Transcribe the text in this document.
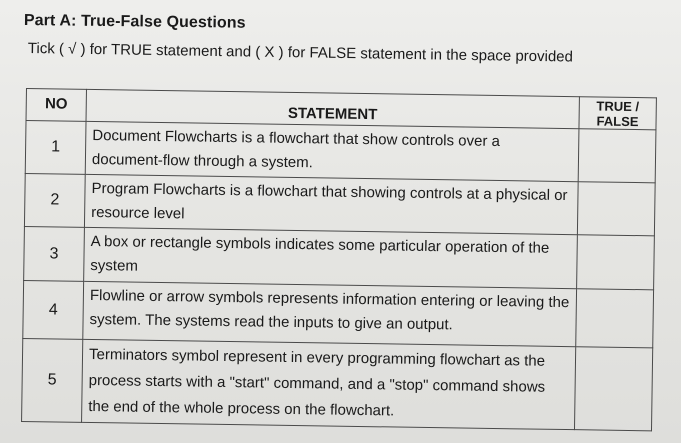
Part A: True-False Questions
Tick ( √ ) for TRUE statement and ( X ) for FALSE statement in the space provided
NO	STATEMENT	TRUE /
FALSE

1	Document Flowcharts is a flowchart that show controls over a document-flow through a system.	
2	Program Flowcharts is a flowchart that showing controls at a physical or resource level	
3	A box or rectangle symbols indicates some particular operation of the system	
4	Flowline or arrow symbols represents information entering or leaving the system. The systems read the inputs to give an output.	
5	Terminators symbol represent in every programming flowchart as the process starts with a "start" command, and a "stop" command shows the end of the whole process on the flowchart.	
